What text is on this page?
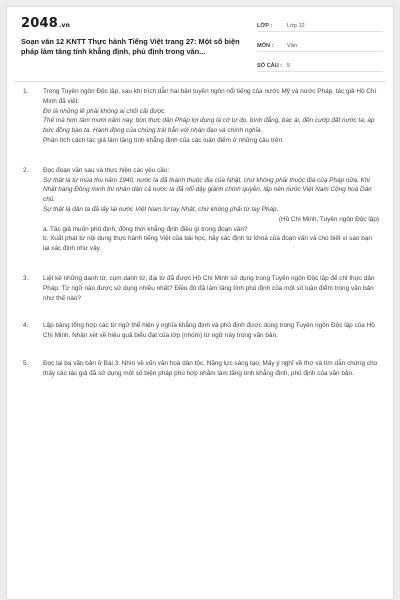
2048.vn
Soạn văn 12 KNTT Thực hành Tiếng Việt trang 27: Một số biện pháp làm tăng tính khẳng định, phủ định trong văn...
LỚP :	Lớp 12
MÔN :	Văn
SỐ CÂU : 5
1. Trong Tuyên ngôn Độc lập, sau khi trích dẫn hai bản tuyên ngôn nổi tiếng của nước Mỹ và nước Pháp, tác giả Hồ Chí Minh đã viết:
Đó là những lẽ phải không ai chối cãi được.
Thế mà hơn tám mươi năm nay, bọn thực dân Pháp lợi dụng lá cờ tự do, bình đẳng, bác ái, đến cướp đất nước ta, áp bức đồng bào ta. Hành động của chúng trái hẳn với nhân đạo và chính nghĩa.
Phân tích cách tác giả làm tăng tính khẳng định của các luận điểm ở những câu trên.
2. Đọc đoạn văn sau và thực hiện các yêu cầu:
Sự thật là từ mùa thu năm 1940, nước ta đã thành thuộc địa của Nhật, chứ không phải thuộc địa của Pháp nữa. Khi Nhật hàng Đồng minh thì nhân dân cả nước ta đã nổi dậy giành chính quyền, lập nên nước Việt Nam Cộng hoà Dân chủ.
Sự thật là dân ta đã lấy lại nước Việt Nam từ tay Nhật, chứ không phải từ tay Pháp.
(Hồ Chí Minh, Tuyên ngôn Độc lập)
a. Tác giả muốn phủ định, đồng thời khẳng định điều gì trong đoạn văn?
b. Xuất phát từ nội dung thực hành tiếng Việt của bài học, hãy xác định từ khoá của đoạn văn và cho biết vì sao bạn lại xác định như vậy.
3. Liệt kê những danh từ, cụm danh từ, đại từ đã được Hồ Chí Minh sử dụng trong Tuyên ngôn Độc lập để chỉ thực dân Pháp. Từ ngữ nào được sử dụng nhiều nhất? Điều đó đã làm tăng tính phủ định của một số luận điểm trong văn bản như thế nào?
4. Lập bảng tổng hợp các từ ngữ thể hiện ý nghĩa khẳng định và phủ định được dùng trong Tuyên ngôn Độc lập của Hồ Chí Minh. Nhận xét về hiệu quả biểu đạt của lớp (nhóm) từ ngữ này trong văn bản.
5. Đọc lại ba văn bản ở Bài 3: Nhìn về vốn văn hoá dân tộc, Năng lực sáng tạo, Mấy ý nghĩ về thơ và tìm dẫn chứng cho thấy các tác giả đã sử dụng một số biện pháp phù hợp nhằm làm tăng tính khẳng định, phủ định của văn bản.
